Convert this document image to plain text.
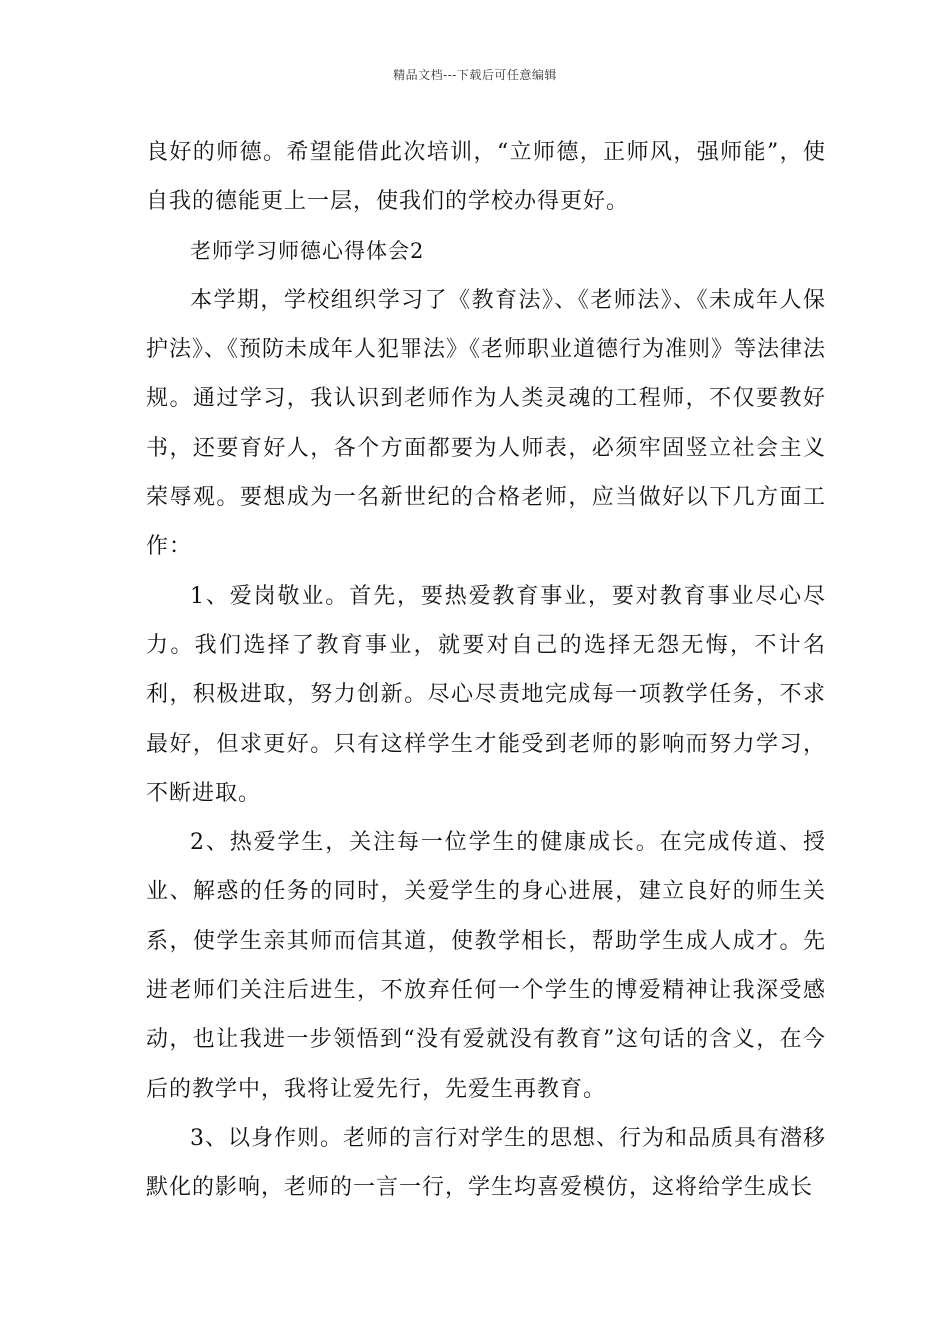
精品文档---下载后可任意编辑

良好的师德。希望能借此次培训，“立师德，正师风，强师能”，使自我的德能更上一层，使我们的学校办得更好。

老师学习师德心得体会2

本学期，学校组织学习了《教育法》、《老师法》、《未成年人保护法》、《预防未成年人犯罪法》《老师职业道德行为准则》等法律法规。通过学习，我认识到老师作为人类灵魂的工程师，不仅要教好书，还要育好人，各个方面都要为人师表，必须牢固竖立社会主义荣辱观。要想成为一名新世纪的合格老师，应当做好以下几方面工作：

1、爱岗敬业。首先，要热爱教育事业，要对教育事业尽心尽力。我们选择了教育事业，就要对自己的选择无怨无悔，不计名利，积极进取，努力创新。尽心尽责地完成每一项教学任务，不求最好，但求更好。只有这样学生才能受到老师的影响而努力学习，不断进取。

2、热爱学生，关注每一位学生的健康成长。在完成传道、授业、解惑的任务的同时，关爱学生的身心进展，建立良好的师生关系，使学生亲其师而信其道，使教学相长，帮助学生成人成才。先进老师们关注后进生，不放弃任何一个学生的博爱精神让我深受感动，也让我进一步领悟到“没有爱就没有教育”这句话的含义，在今后的教学中，我将让爱先行，先爱生再教育。

3、以身作则。老师的言行对学生的思想、行为和品质具有潜移默化的影响，老师的一言一行，学生均喜爱模仿，这将给学生成长
